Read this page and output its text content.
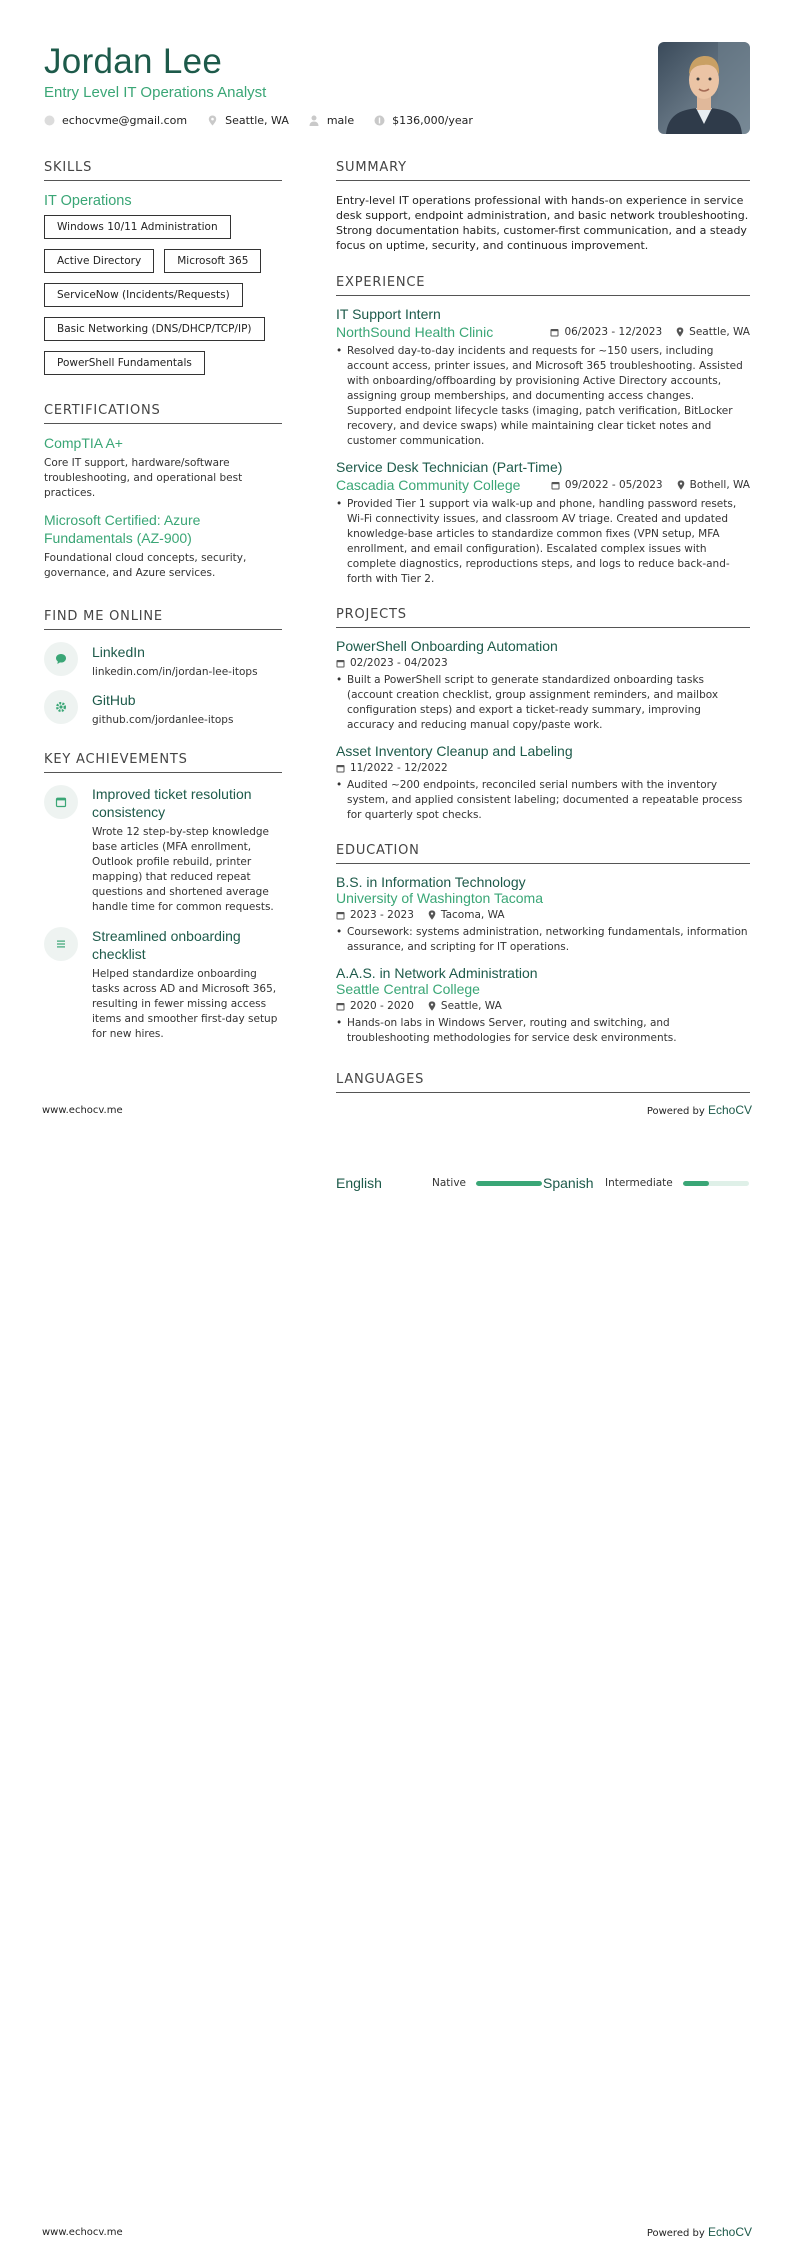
Jordan Lee
Entry Level IT Operations Analyst
echocvme@gmail.com	Seattle, WA	male	$136,000/year
SKILLS
IT Operations
Windows 10/11 Administration
Active Directory	Microsoft 365
ServiceNow (Incidents/Requests)
Basic Networking (DNS/DHCP/TCP/IP)
PowerShell Fundamentals
CERTIFICATIONS
CompTIA A+
Core IT support, hardware/software troubleshooting, and operational best practices.
Microsoft Certified: Azure Fundamentals (AZ-900)
Foundational cloud concepts, security, governance, and Azure services.
FIND ME ONLINE
LinkedIn
linkedin.com/in/jordan-lee-itops
GitHub
github.com/jordanlee-itops
KEY ACHIEVEMENTS
Improved ticket resolution consistency
Wrote 12 step-by-step knowledge base articles (MFA enrollment, Outlook profile rebuild, printer mapping) that reduced repeat questions and shortened average handle time for common requests.
Streamlined onboarding checklist
Helped standardize onboarding tasks across AD and Microsoft 365, resulting in fewer missing access items and smoother first-day setup for new hires.
SUMMARY
Entry-level IT operations professional with hands-on experience in service desk support, endpoint administration, and basic network troubleshooting. Strong documentation habits, customer-first communication, and a steady focus on uptime, security, and continuous improvement.
EXPERIENCE
IT Support Intern
NorthSound Health Clinic	06/2023 - 12/2023	Seattle, WA
• Resolved day-to-day incidents and requests for ~150 users, including account access, printer issues, and Microsoft 365 troubleshooting. Assisted with onboarding/offboarding by provisioning Active Directory accounts, assigning group memberships, and documenting access changes. Supported endpoint lifecycle tasks (imaging, patch verification, BitLocker recovery, and device swaps) while maintaining clear ticket notes and customer communication.
Service Desk Technician (Part-Time)
Cascadia Community College	09/2022 - 05/2023	Bothell, WA
• Provided Tier 1 support via walk-up and phone, handling password resets, Wi-Fi connectivity issues, and classroom AV triage. Created and updated knowledge-base articles to standardize common fixes (VPN setup, MFA enrollment, and email configuration). Escalated complex issues with complete diagnostics, reproductions steps, and logs to reduce back-and-forth with Tier 2.
PROJECTS
PowerShell Onboarding Automation
02/2023 - 04/2023
• Built a PowerShell script to generate standardized onboarding tasks (account creation checklist, group assignment reminders, and mailbox configuration steps) and export a ticket-ready summary, improving accuracy and reducing manual copy/paste work.
Asset Inventory Cleanup and Labeling
11/2022 - 12/2022
• Audited ~200 endpoints, reconciled serial numbers with the inventory system, and applied consistent labeling; documented a repeatable process for quarterly spot checks.
EDUCATION
B.S. in Information Technology
University of Washington Tacoma
2023 - 2023	Tacoma, WA
• Coursework: systems administration, networking fundamentals, information assurance, and scripting for IT operations.
A.A.S. in Network Administration
Seattle Central College
2020 - 2020	Seattle, WA
• Hands-on labs in Windows Server, routing and switching, and troubleshooting methodologies for service desk environments.
LANGUAGES
www.echocv.me	Powered by EchoCV
English	Native	Spanish	Intermediate
www.echocv.me	Powered by EchoCV
